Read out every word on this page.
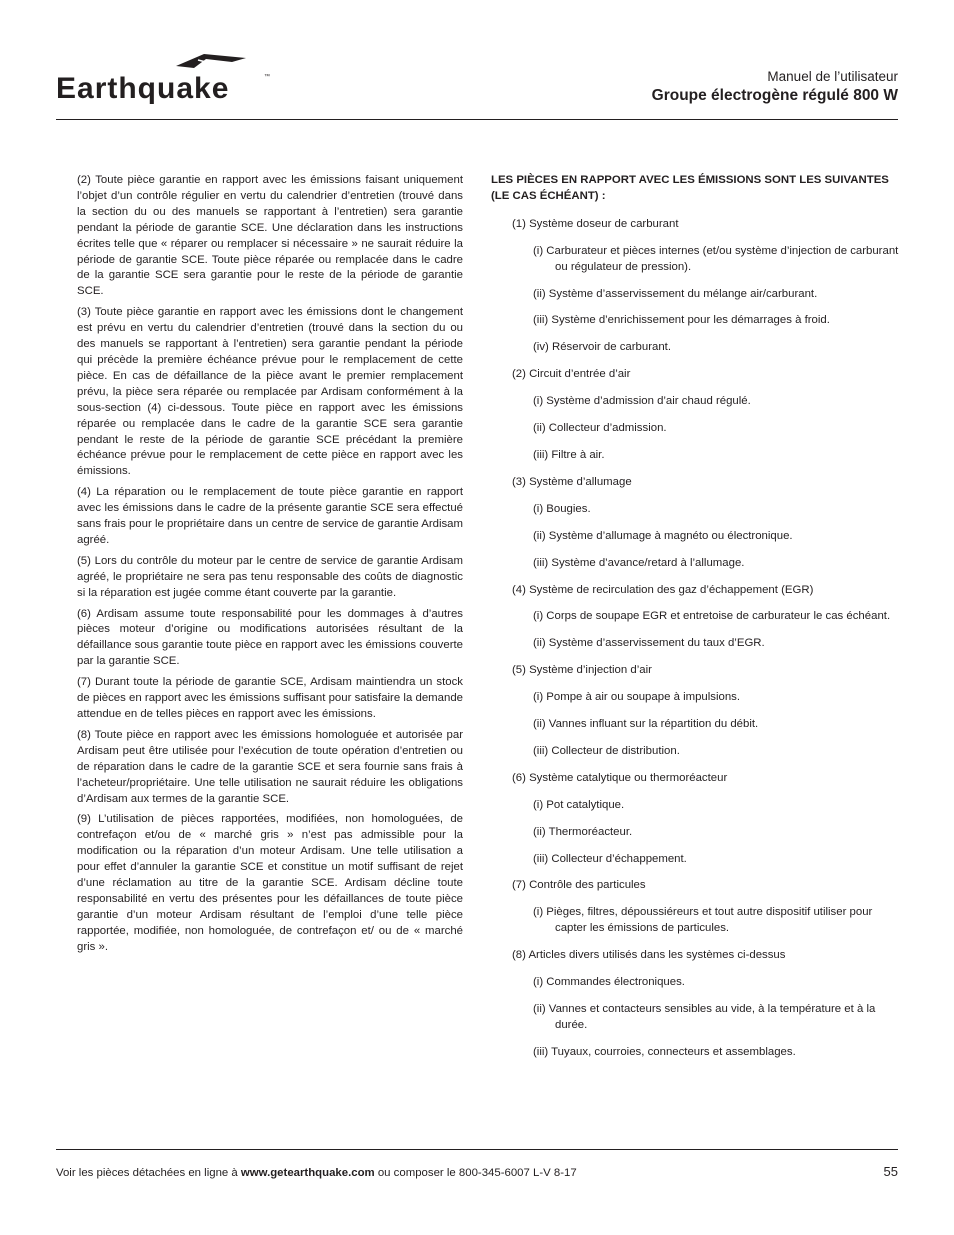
Earthquake	™	Manuel de l’utilisateur
Groupe électrogène régulé 800 W

(2) Toute pièce garantie en rapport avec les émissions faisant uniquement l’objet d’un contrôle régulier en vertu du calendrier d’entretien (trouvé dans la section du ou des manuels se rapportant à l’entretien) sera garantie pendant la période de garantie SCE. Une déclaration dans les instructions écrites telle que « réparer ou remplacer si nécessaire » ne saurait réduire la période de garantie SCE. Toute pièce réparée ou remplacée dans le cadre de la garantie SCE sera garantie pour le reste de la période de garantie SCE.

(3) Toute pièce garantie en rapport avec les émissions dont le changement est prévu en vertu du calendrier d’entretien (trouvé dans la section du ou des manuels se rapportant à l’entretien) sera garantie pendant la période qui précède la première échéance prévue pour le remplacement de cette pièce. En cas de défaillance de la pièce avant le premier remplacement prévu, la pièce sera réparée ou remplacée par Ardisam conformément à la sous-section (4) ci-dessous. Toute pièce en rapport avec les émissions réparée ou remplacée dans le cadre de la garantie SCE sera garantie pendant le reste de la période de garantie SCE précédant la première échéance prévue pour le remplacement de cette pièce en rapport avec les émissions.

(4) La réparation ou le remplacement de toute pièce garantie en rapport avec les émissions dans le cadre de la présente garantie SCE sera effectué sans frais pour le propriétaire dans un centre de service de garantie Ardisam agréé.

(5) Lors du contrôle du moteur par le centre de service de garantie Ardisam agréé, le propriétaire ne sera pas tenu responsable des coûts de diagnostic si la réparation est jugée comme étant couverte par la garantie.

(6) Ardisam assume toute responsabilité pour les dommages à d’autres pièces moteur d’origine ou modifications autorisées résultant de la défaillance sous garantie toute pièce en rapport avec les émissions couverte par la garantie SCE.

(7) Durant toute la période de garantie SCE, Ardisam maintiendra un stock de pièces en rapport avec les émissions suffisant pour satisfaire la demande attendue en de telles pièces en rapport avec les émissions.

(8) Toute pièce en rapport avec les émissions homologuée et autorisée par Ardisam peut être utilisée pour l’exécution de toute opération d’entretien ou de réparation dans le cadre de la garantie SCE et sera fournie sans frais à l’acheteur/propriétaire. Une telle utilisation ne saurait réduire les obligations d’Ardisam aux termes de la garantie SCE.

(9) L’utilisation de pièces rapportées, modifiées, non homologuées, de contrefaçon et/ou de « marché gris » n’est pas admissible pour la modification ou la réparation d’un moteur Ardisam. Une telle utilisation a pour effet d’annuler la garantie SCE et constitue un motif suffisant de rejet d’une réclamation au titre de la garantie SCE. Ardisam décline toute responsabilité en vertu des présentes pour les défaillances de toute pièce garantie d’un moteur Ardisam résultant de l’emploi d’une telle pièce rapportée, modifiée, non homologuée, de contrefaçon et/ ou de « marché gris ».

LES PIÈCES EN RAPPORT AVEC LES ÉMISSIONS SONT LES SUIVANTES (LE CAS ÉCHÉANT) :
(1) Système doseur de carburant
(i) Carburateur et pièces internes (et/ou système d’injection de carburant ou régulateur de pression).
(ii) Système d’asservissement du mélange air/carburant.
(iii) Système d’enrichissement pour les démarrages à froid.
(iv) Réservoir de carburant.
(2) Circuit d’entrée d’air
(i) Système d’admission d’air chaud régulé.
(ii) Collecteur d’admission.
(iii) Filtre à air.
(3) Système d’allumage
(i) Bougies.
(ii) Système d’allumage à magnéto ou électronique.
(iii) Système d’avance/retard à l’allumage.
(4) Système de recirculation des gaz d’échappement (EGR)
(i) Corps de soupape EGR et entretoise de carburateur le cas échéant.
(ii) Système d’asservissement du taux d’EGR.
(5) Système d’injection d’air
(i) Pompe à air ou soupape à impulsions.
(ii) Vannes influant sur la répartition du débit.
(iii) Collecteur de distribution.
(6) Système catalytique ou thermoréacteur
(i) Pot catalytique.
(ii) Thermoréacteur.
(iii) Collecteur d’échappement.
(7) Contrôle des particules
(i) Pièges, filtres, dépoussiéreurs et tout autre dispositif utiliser pour capter les émissions de particules.
(8) Articles divers utilisés dans les systèmes ci-dessus
(i) Commandes électroniques.
(ii) Vannes et contacteurs sensibles au vide, à la température et à la durée.
(iii) Tuyaux, courroies, connecteurs et assemblages.
Voir les pièces détachées en ligne à www.getearthquake.com ou composer le 800-345-6007 L-V 8-17	55
